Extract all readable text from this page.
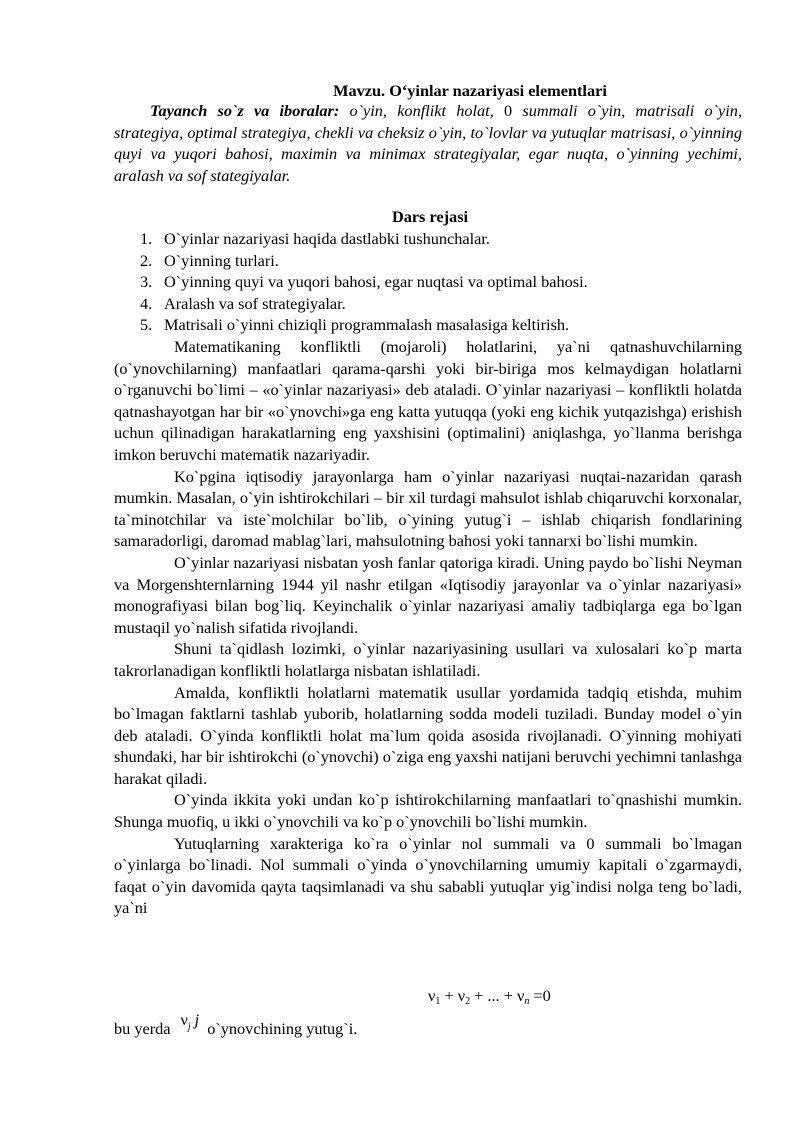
Mavzu. O‘yinlar nazariyasi elementlari
Tayanch so`z va iboralar: o`yin, konflikt holat, 0 summali o`yin, matrisali o`yin, strategiya, optimal strategiya, chekli va cheksiz o`yin, to`lovlar va yutuqlar matrisasi, o`yinning quyi va yuqori bahosi, maximin va minimax strategiyalar, egar nuqta, o`yinning yechimi, aralash va sof stategiyalar.
Dars rejasi
1. O`yinlar nazariyasi haqida dastlabki tushunchalar.
2. O`yinning turlari.
3. O`yinning quyi va yuqori bahosi, egar nuqtasi va optimal bahosi.
4. Aralash va sof strategiyalar.
5. Matrisali o`yinni chiziqli programmalash masalasiga keltirish.

Matematikaning konfliktli (mojaroli) holatlarini, ya`ni qatnashuvchilarning (o`ynovchilarning) manfaatlari qarama-qarshi yoki bir-biriga mos kelmaydigan holatlarni o`rganuvchi bo`limi – «o`yinlar nazariyasi» deb ataladi. O`yinlar nazariyasi – konfliktli holatda qatnashayotgan har bir «o`ynovchi»ga eng katta yutuqqa (yoki eng kichik yutqazishga) erishish uchun qilinadigan harakatlarning eng yaxshisini (optimalini) aniqlashga, yo`llanma berishga imkon beruvchi matematik nazariyadir.

Ko`pgina iqtisodiy jarayonlarga ham o`yinlar nazariyasi nuqtai-nazaridan qarash mumkin. Masalan, o`yin ishtirokchilari – bir xil turdagi mahsulot ishlab chiqaruvchi korxonalar, ta`minotchilar va iste`molchilar bo`lib, o`yining yutug`i – ishlab chiqarish fondlarining samaradorligi, daromad mablag`lari, mahsulotning bahosi yoki tannarxi bo`lishi mumkin.

O`yinlar nazariyasi nisbatan yosh fanlar qatoriga kiradi. Uning paydo bo`lishi Neyman va Morgenshternlarning 1944 yil nashr etilgan «Iqtisodiy jarayonlar va o`yinlar nazariyasi» monografiyasi bilan bog`liq. Keyinchalik o`yinlar nazariyasi amaliy tadbiqlarga ega bo`lgan mustaqil yo`nalish sifatida rivojlandi.

Shuni ta`qidlash lozimki, o`yinlar nazariyasining usullari va xulosalari ko`p marta takrorlanadigan konfliktli holatlarga nisbatan ishlatiladi.

Amalda, konfliktli holatlarni matematik usullar yordamida tadqiq etishda, muhim bo`lmagan faktlarni tashlab yuborib, holatlarning sodda modeli tuziladi. Bunday model o`yin deb ataladi. O`yinda konfliktli holat ma`lum qoida asosida rivojlanadi. O`yinning mohiyati shundaki, har bir ishtirokchi (o`ynovchi) o`ziga eng yaxshi natijani beruvchi yechimni tanlashga harakat qiladi.

O`yinda ikkita yoki undan ko`p ishtirokchilarning manfaatlari to`qnashishi mumkin. Shunga muofiq, u ikki o`ynovchili va ko`p o`ynovchili bo`lishi mumkin.

Yutuqlarning xarakteriga ko`ra o`yinlar nol summali va 0 summali bo`lmagan o`yinlarga bo`linadi. Nol summali o`yinda o`ynovchilarning umumiy kapitali o`zgarmaydi, faqat o`yin davomida qayta taqsimlanadi va shu sababli yutuqlar yig`indisi nolga teng bo`ladi, ya`ni

$\nu_1 + \nu_2$ + ... + $\nu_n =0$
bu yerda $\nu_j$ j o`ynovchining yutug`i.
